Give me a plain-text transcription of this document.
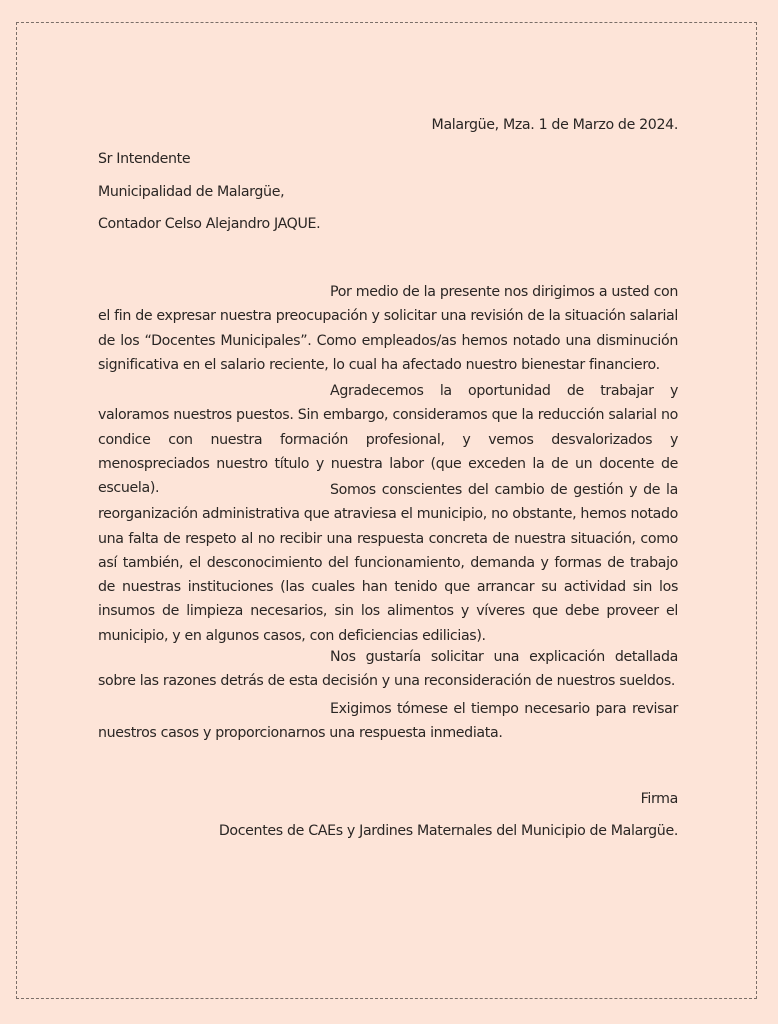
Malargüe, Mza. 1 de Marzo de 2024.
Sr Intendente
Municipalidad de Malargüe,
Contador Celso Alejandro JAQUE.

Por medio de la presente nos dirigimos a usted con el fin de expresar nuestra preocupación y solicitar una revisión de la situación salarial de los “Docentes Municipales”. Como empleados/as hemos notado una disminución significativa en el salario reciente, lo cual ha afectado nuestro bienestar financiero.

Agradecemos la oportunidad de trabajar y valoramos nuestros puestos. Sin embargo, consideramos que la reducción salarial no condice con nuestra formación profesional, y vemos desvalorizados y menospreciados nuestro título y nuestra labor (que exceden la de un docente de escuela).	Somos conscientes del cambio de gestión y de la reorganización administrativa que atraviesa el municipio, no obstante, hemos notado una falta de respeto al no recibir una respuesta concreta de nuestra situación, como así también, el desconocimiento del funcionamiento, demanda y formas de trabajo de nuestras instituciones (las cuales han tenido que arrancar su actividad sin los insumos de limpieza necesarios, sin los alimentos y víveres que debe proveer el municipio, y en algunos casos, con deficiencias edilicias).

Nos gustaría solicitar una explicación detallada sobre las razones detrás de esta decisión y una reconsideración de nuestros sueldos.

Exigimos tómese el tiempo necesario para revisar nuestros casos y proporcionarnos una respuesta inmediata.

Firma
Docentes de CAEs y Jardines Maternales del Municipio de Malargüe.
